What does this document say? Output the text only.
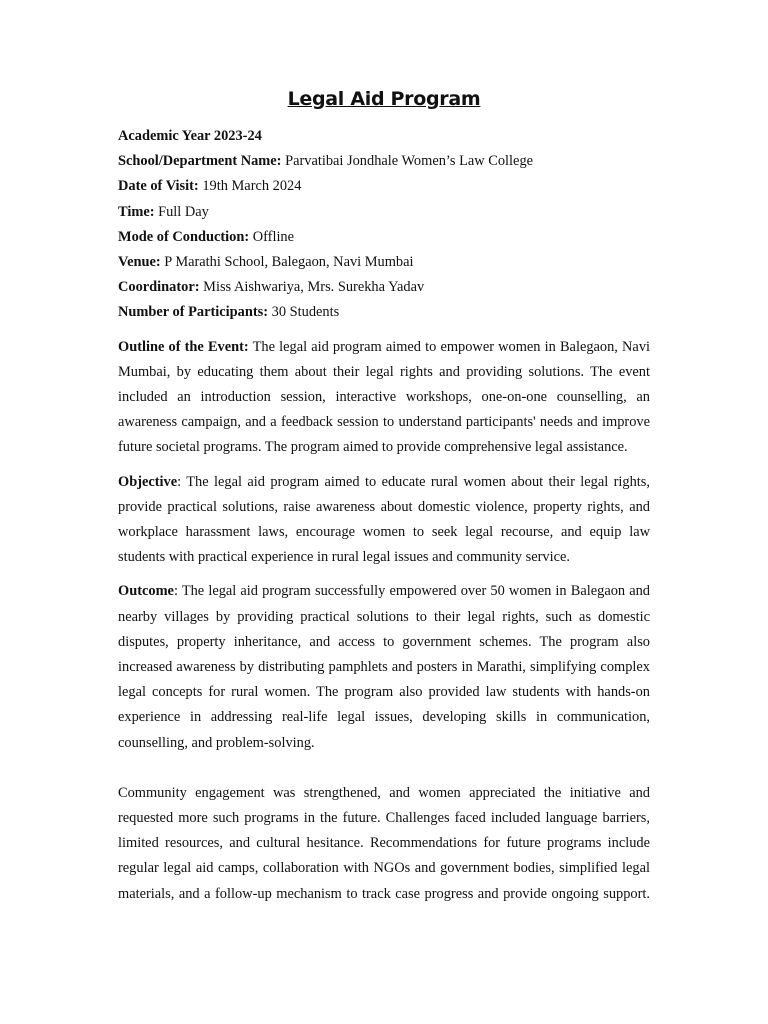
Legal Aid Program
Academic Year 2023-24
School/Department Name: Parvatibai Jondhale Women’s Law College
Date of Visit: 19th March 2024
Time: Full Day
Mode of Conduction: Offline
Venue: P Marathi School, Balegaon, Navi Mumbai
Coordinator: Miss Aishwariya, Mrs. Surekha Yadav
Number of Participants: 30 Students

Outline of the Event: The legal aid program aimed to empower women in Balegaon, Navi Mumbai, by educating them about their legal rights and providing solutions. The event included an introduction session, interactive workshops, one-on-one counselling, an awareness campaign, and a feedback session to understand participants' needs and improve future societal programs. The program aimed to provide comprehensive legal assistance.

Objective: The legal aid program aimed to educate rural women about their legal rights, provide practical solutions, raise awareness about domestic violence, property rights, and workplace harassment laws, encourage women to seek legal recourse, and equip law students with practical experience in rural legal issues and community service.

Outcome: The legal aid program successfully empowered over 50 women in Balegaon and nearby villages by providing practical solutions to their legal rights, such as domestic disputes, property inheritance, and access to government schemes. The program also increased awareness by distributing pamphlets and posters in Marathi, simplifying complex legal concepts for rural women. The program also provided law students with hands-on experience in addressing real-life legal issues, developing skills in communication, counselling, and problem-solving.

Community engagement was strengthened, and women appreciated the initiative and requested more such programs in the future. Challenges faced included language barriers, limited resources, and cultural hesitance. Recommendations for future programs include regular legal aid camps, collaboration with NGOs and government bodies, simplified legal materials, and a follow-up mechanism to track case progress and provide ongoing support.
